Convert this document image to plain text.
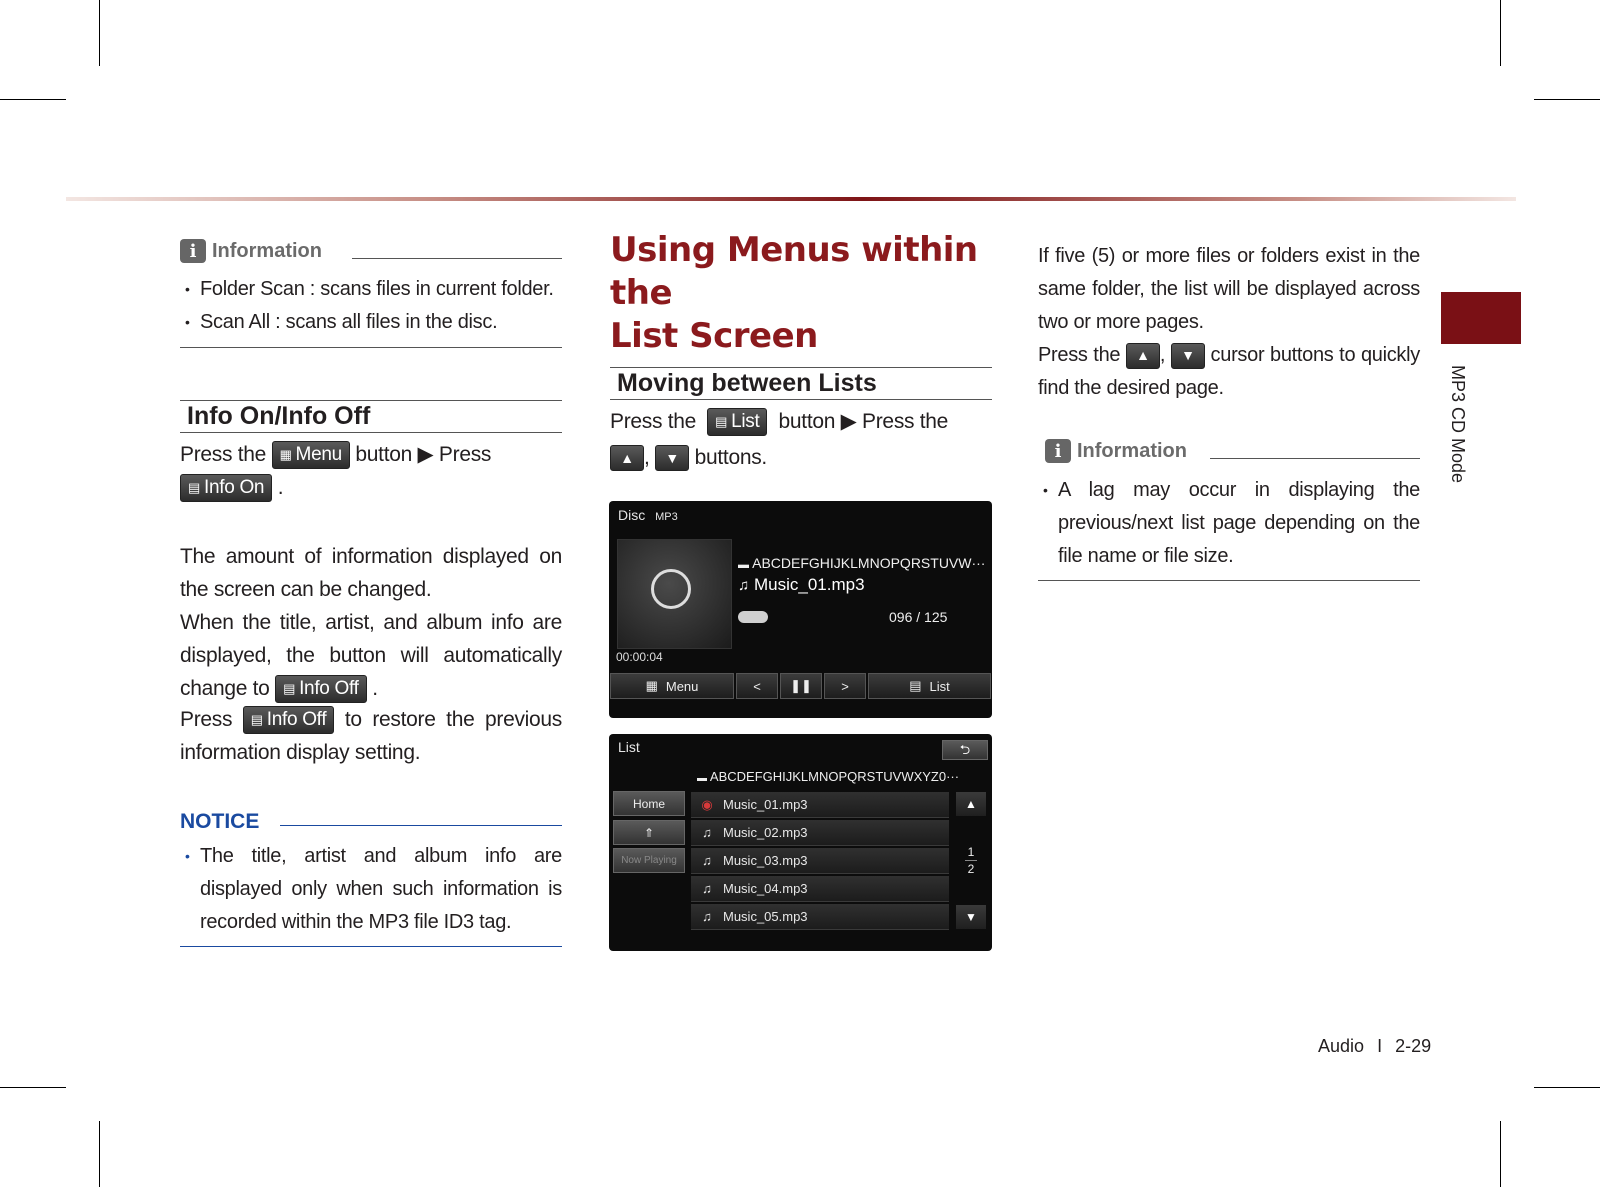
MP3 CD Mode
i Information
• Folder Scan : scans files in current folder.
• Scan All : scans all files in the disc.
Info On/Info Off
Press the ▦ Menu button ▶ Press

▤ Info On .
The amount of information displayed on the screen can be changed.
When the title, artist, and album info are displayed, the button will automatically change to ▤ Info Off .
Press ▤ Info Off to restore the previous information display setting.
NOTICE
• The title, artist and album info are displayed only when such information is recorded within the MP3 file ID3 tag.
Using Menus within the
List Screen
Moving between Lists
Press the ▤ List button ▶ Press the
▲ , ▼ buttons.
Disc MP3
▬ ABCDEFGHIJKLMNOPQRSTUVW···
♫ Music_01.mp3
096 / 125
00:00:04
▦ Menu	< ❚❚ >	▤ List
List	⮌
▬ ABCDEFGHIJKLMNOPQRSTUVWXYZ0···
Home
⇑
Now Playing
◉ Music_01.mp3
♫ Music_02.mp3
♫ Music_03.mp3
♫ Music_04.mp3
♫ Music_05.mp3
▲
1
2
▼
If five (5) or more files or folders exist in the same folder, the list will be displayed across two or more pages.
Press the ▲ , ▼ cursor buttons to quickly find the desired page.
i Information
• A lag may occur in displaying the previous/next list page depending on the file name or file size.
Audio I 2-29
